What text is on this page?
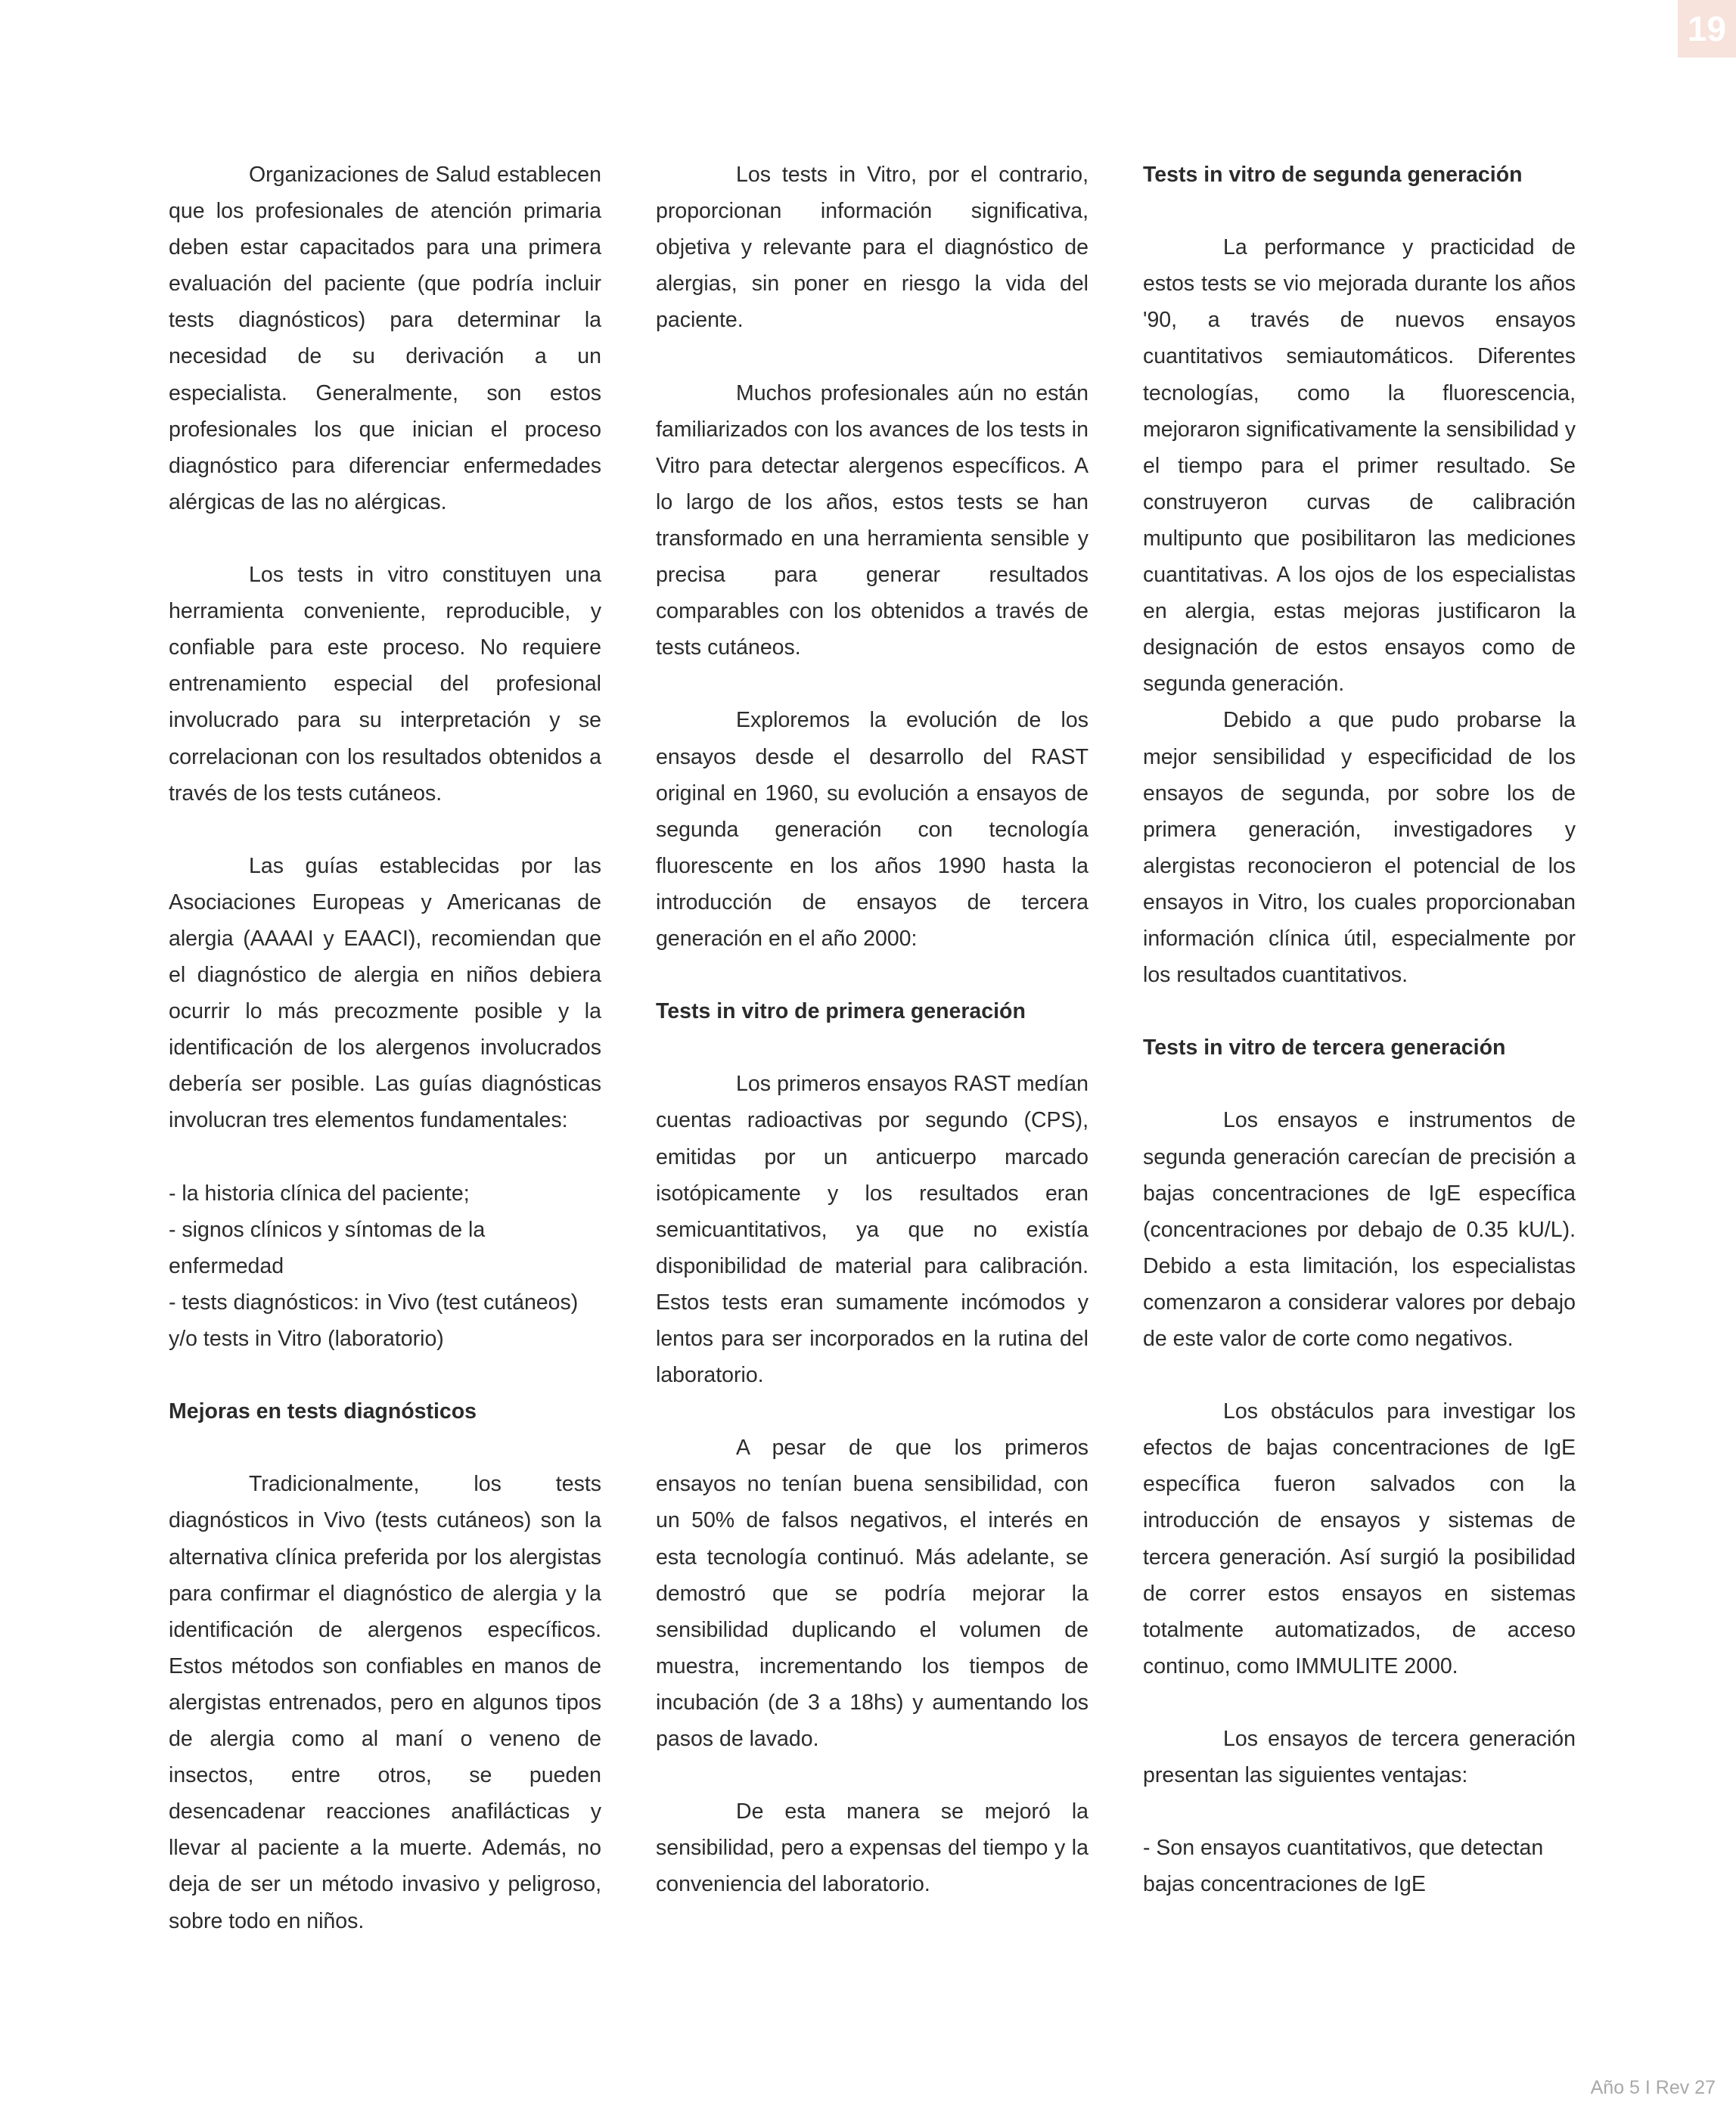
19

Organizaciones de Salud establecen que los profesionales de atención primaria deben estar capacitados para una primera evaluación del paciente (que podría incluir tests diagnósticos) para determinar la necesidad de su derivación a un especialista. Generalmente, son estos profesionales los que inician el proceso diagnóstico para diferenciar enfermedades alérgicas de las no alérgicas.

Los tests in vitro constituyen una herramienta conveniente, reproducible, y confiable para este proceso. No requiere entrenamiento especial del profesional involucrado para su interpretación y se correlacionan con los resultados obtenidos a través de los tests cutáneos.

Las guías establecidas por las Asociaciones Europeas y Americanas de alergia (AAAAI y EAACI), recomiendan que el diagnóstico de alergia en niños debiera ocurrir lo más precozmente posible y la identificación de los alergenos involucrados debería ser posible. Las guías diagnósticas involucran tres elementos fundamentales:

- la historia clínica del paciente;

- signos clínicos y síntomas de la enfermedad

- tests diagnósticos: in Vivo (test cutáneos) y/o tests in Vitro (laboratorio)

Mejoras en tests diagnósticos

Tradicionalmente, los tests diagnósticos in Vivo (tests cutáneos) son la alternativa clínica preferida por los alergistas para confirmar el diagnóstico de alergia y la identificación de alergenos específicos. Estos métodos son confiables en manos de alergistas entrenados, pero en algunos tipos de alergia como al maní o veneno de insectos, entre otros, se pueden desencadenar reacciones anafilácticas y llevar al paciente a la muerte. Además, no deja de ser un método invasivo y peligroso, sobre todo en niños.

Los tests in Vitro, por el contrario, proporcionan información significativa, objetiva y relevante para el diagnóstico de alergias, sin poner en riesgo la vida del paciente.

Muchos profesionales aún no están familiarizados con los avances de los tests in Vitro para detectar alergenos específicos. A lo largo de los años, estos tests se han transformado en una herramienta sensible y precisa para generar resultados comparables con los obtenidos a través de tests cutáneos.

Exploremos la evolución de los ensayos desde el desarrollo del RAST original en 1960, su evolución a ensayos de segunda generación con tecnología fluorescente en los años 1990 hasta la introducción de ensayos de tercera generación en el año 2000:

Tests in vitro de primera generación

Los primeros ensayos RAST medían cuentas radioactivas por segundo (CPS), emitidas por un anticuerpo marcado isotópicamente y los resultados eran semicuantitativos, ya que no existía disponibilidad de material para calibración. Estos tests eran sumamente incómodos y lentos para ser incorporados en la rutina del laboratorio.

A pesar de que los primeros ensayos no tenían buena sensibilidad, con un 50% de falsos negativos, el interés en esta tecnología continuó. Más adelante, se demostró que se podría mejorar la sensibilidad duplicando el volumen de muestra, incrementando los tiempos de incubación (de 3 a 18hs) y aumentando los pasos de lavado.

De esta manera se mejoró la sensibilidad, pero a expensas del tiempo y la conveniencia del laboratorio.

Tests in vitro de segunda generación

La performance y practicidad de estos tests se vio mejorada durante los años '90, a través de nuevos ensayos cuantitativos semiautomáticos. Diferentes tecnologías, como la fluorescencia, mejoraron significativamente la sensibilidad y el tiempo para el primer resultado. Se construyeron curvas de calibración multipunto que posibilitaron las mediciones cuantitativas. A los ojos de los especialistas en alergia, estas mejoras justificaron la designación de estos ensayos como de segunda generación.

Debido a que pudo probarse la mejor sensibilidad y especificidad de los ensayos de segunda, por sobre los de primera generación, investigadores y alergistas reconocieron el potencial de los ensayos in Vitro, los cuales proporcionaban información clínica útil, especialmente por los resultados cuantitativos.

Tests in vitro de tercera generación

Los ensayos e instrumentos de segunda generación carecían de precisión a bajas concentraciones de IgE específica (concentraciones por debajo de 0.35 kU/L). Debido a esta limitación, los especialistas comenzaron a considerar valores por debajo de este valor de corte como negativos.

Los obstáculos para investigar los efectos de bajas concentraciones de IgE específica fueron salvados con la introducción de ensayos y sistemas de tercera generación. Así surgió la posibilidad de correr estos ensayos en sistemas totalmente automatizados, de acceso continuo, como IMMULITE 2000.

Los ensayos de tercera generación presentan las siguientes ventajas:

- Son ensayos cuantitativos, que detectan bajas concentraciones de IgE

Año 5 I Rev 27
